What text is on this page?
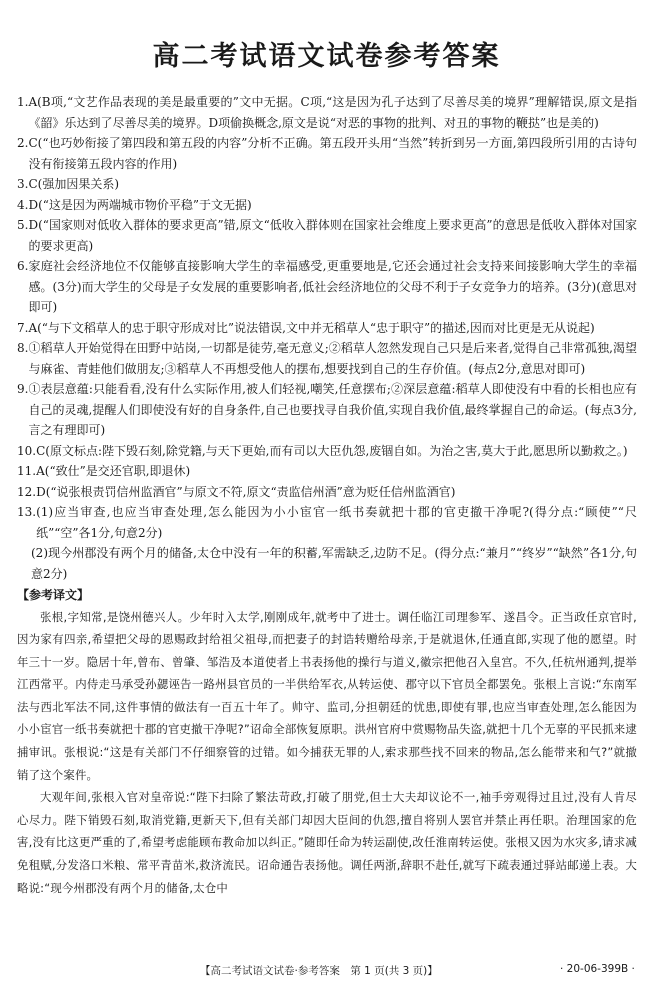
高二考试语文试卷参考答案
1. A(B项,“文艺作品表现的美是最重要的”文中无据。C项,“这是因为孔子达到了尽善尽美的境界”理解错误,原文是指《韶》乐达到了尽善尽美的境界。D项偷换概念,原文是说“对恶的事物的批判、对丑的事物的鞭挞”也是美的)
2. C(“也巧妙衔接了第四段和第五段的内容”分析不正确。第五段开头用“当然”转折到另一方面,第四段所引用的古诗句没有衔接第五段内容的作用)
3. C(强加因果关系)
4. D(“这是因为两端城市物价平稳”于文无据)
5. D(“国家则对低收入群体的要求更高”错,原文“低收入群体则在国家社会维度上要求更高”的意思是低收入群体对国家的要求更高)
6. 家庭社会经济地位不仅能够直接影响大学生的幸福感受,更重要地是,它还会通过社会支持来间接影响大学生的幸福感。(3分)而大学生的父母是子女发展的重要影响者,低社会经济地位的父母不利于子女竞争力的培养。(3分)(意思对即可)
7. A(“与下文稻草人的忠于职守形成对比”说法错误,文中并无稻草人“忠于职守”的描述,因而对比更是无从说起)
8. ①稻草人开始觉得在田野中站岗,一切都是徒劳,毫无意义;②稻草人忽然发现自己只是后来者,觉得自己非常孤独,渴望与麻雀、青蛙他们做朋友;③稻草人不再想受他人的摆布,想要找到自己的生存价值。(每点2分,意思对即可)
9. ①表层意蕴:只能看看,没有什么实际作用,被人们轻视,嘲笑,任意摆布;②深层意蕴:稻草人即使没有中看的长相也应有自己的灵魂,提醒人们即使没有好的自身条件,自己也要找寻自我价值,实现自我价值,最终掌握自己的命运。(每点3分,言之有理即可)
10. C(原文标点:陛下毁石刻,除党籍,与天下更始,而有司以大臣仇怨,废锢自如。为治之害,莫大于此,愿思所以勤救之。)
11. A(“致仕”是交还官职,即退休)
12. D(“说张根责罚信州监酒官”与原文不符,原文“责监信州酒”意为贬任信州监酒官)
13. (1)应当审查,也应当审查处理,怎么能因为小小宦官一纸书奏就把十郡的官吏撤干净呢?(得分点:“顾使”“尺纸”“空”各1分,句意2分)
(2)现今州郡没有两个月的储备,太仓中没有一年的积蓄,军需缺乏,边防不足。(得分点:“兼月”“终岁”“缺然”各1分,句意2分)
【参考译文】

张根,字知常,是饶州德兴人。少年时入太学,刚刚成年,就考中了进士。调任临江司理参军、遂昌令。正当政任京官时,因为家有四亲,希望把父母的恩赐政封给祖父祖母,而把妻子的封诰转赠给母亲,于是就退休,任通直郎,实现了他的愿望。时年三十一岁。隐居十年,曾布、曾肇、邹浩及本道使者上书表扬他的操行与道义,徽宗把他召入皇宫。不久,任杭州通判,提举江西常平。内侍走马承受孙勰诬告一路州县官员的一半供给军衣,从转运使、郡守以下官员全都罢免。张根上言说:“东南军法与西北军法不同,这件事情的做法有一百五十年了。帅守、监司,分担朝廷的忧患,即使有罪,也应当审查处理,怎么能因为小小宦官一纸书奏就把十郡的官吏撤干净呢?”诏命全部恢复原职。洪州官府中赏赐物品失盗,就把十几个无辜的平民抓来逮捕审讯。张根说:“这是有关部门不仔细察管的过错。如今捕获无罪的人,索求那些找不回来的物品,怎么能带来和气?”就撤销了这个案件。

大观年间,张根入官对皇帝说:“陛下扫除了繁法苛政,打破了朋党,但士大夫却议论不一,袖手旁观得过且过,没有人肯尽心尽力。陛下销毁石刻,取消党籍,更新天下,但有关部门却因大臣间的仇怨,擅自将别人罢官并禁止再任职。治理国家的危害,没有比这更严重的了,希望考虑能顾布教命加以纠正。”随即任命为转运副使,改任淮南转运使。张根又因为水灾多,请求减免租赋,分发洛口米粮、常平青苗米,救济流民。诏命通告表扬他。调任两浙,辞职不赴任,就写下疏表通过驿站邮递上表。大略说:“现今州郡没有两个月的储备,太仓中

【高二考试语文试卷·参考答案　第 1 页(共 3 页)】	· 20-06-399B ·
